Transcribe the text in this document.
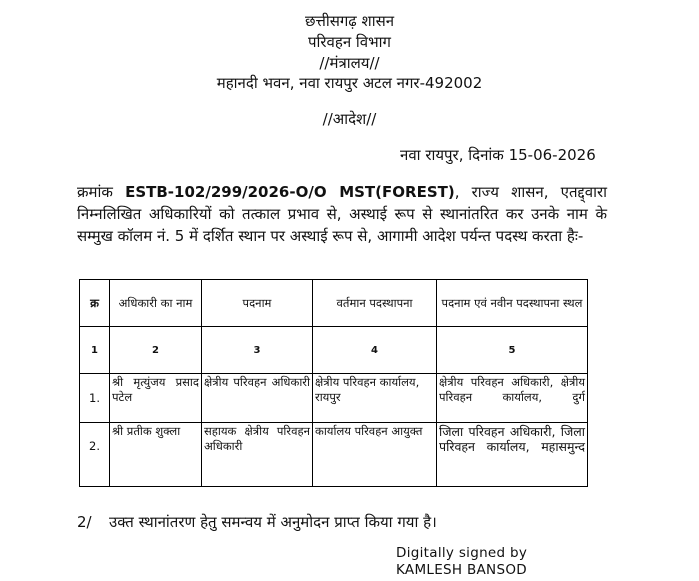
छत्तीसगढ़ शासन
परिवहन विभाग
//मंत्रालय//
महानदी भवन, नवा रायपुर अटल नगर-492002
//आदेश//
नवा रायपुर, दिनांक 15-06-2026
क्रमांक ESTB-102/299/2026-O/O MST(FOREST), राज्य शासन, एतद्द्वारा निम्नलिखित अधिकारियों को तत्काल प्रभाव से, अस्थाई रूप से स्थानांतरित कर उनके नाम के सम्मुख कॉलम नं. 5 में दर्शित स्थान पर अस्थाई रूप से, आगामी आदेश पर्यन्त पदस्थ करता हैः-
क्र	अधिकारी का नाम	पदनाम	वर्तमान पदस्थापना	पदनाम एवं नवीन पदस्थापना स्थल
1	2	3	4	5
1.	श्री मृत्युंजय प्रसाद पटेल	क्षेत्रीय परिवहन अधिकारी	क्षेत्रीय परिवहन कार्यालय, रायपुर	क्षेत्रीय परिवहन अधिकारी, क्षेत्रीय परिवहन कार्यालय, दुर्ग
2.	श्री प्रतीक शुक्ला	सहायक क्षेत्रीय परिवहन अधिकारी	कार्यालय परिवहन आयुक्त	जिला परिवहन अधिकारी, जिला परिवहन कार्यालय, महासमुन्द
2/ उक्त स्थानांतरण हेतु समन्वय में अनुमोदन प्राप्त किया गया है।
Digitally signed by
KAMLESH BANSOD
